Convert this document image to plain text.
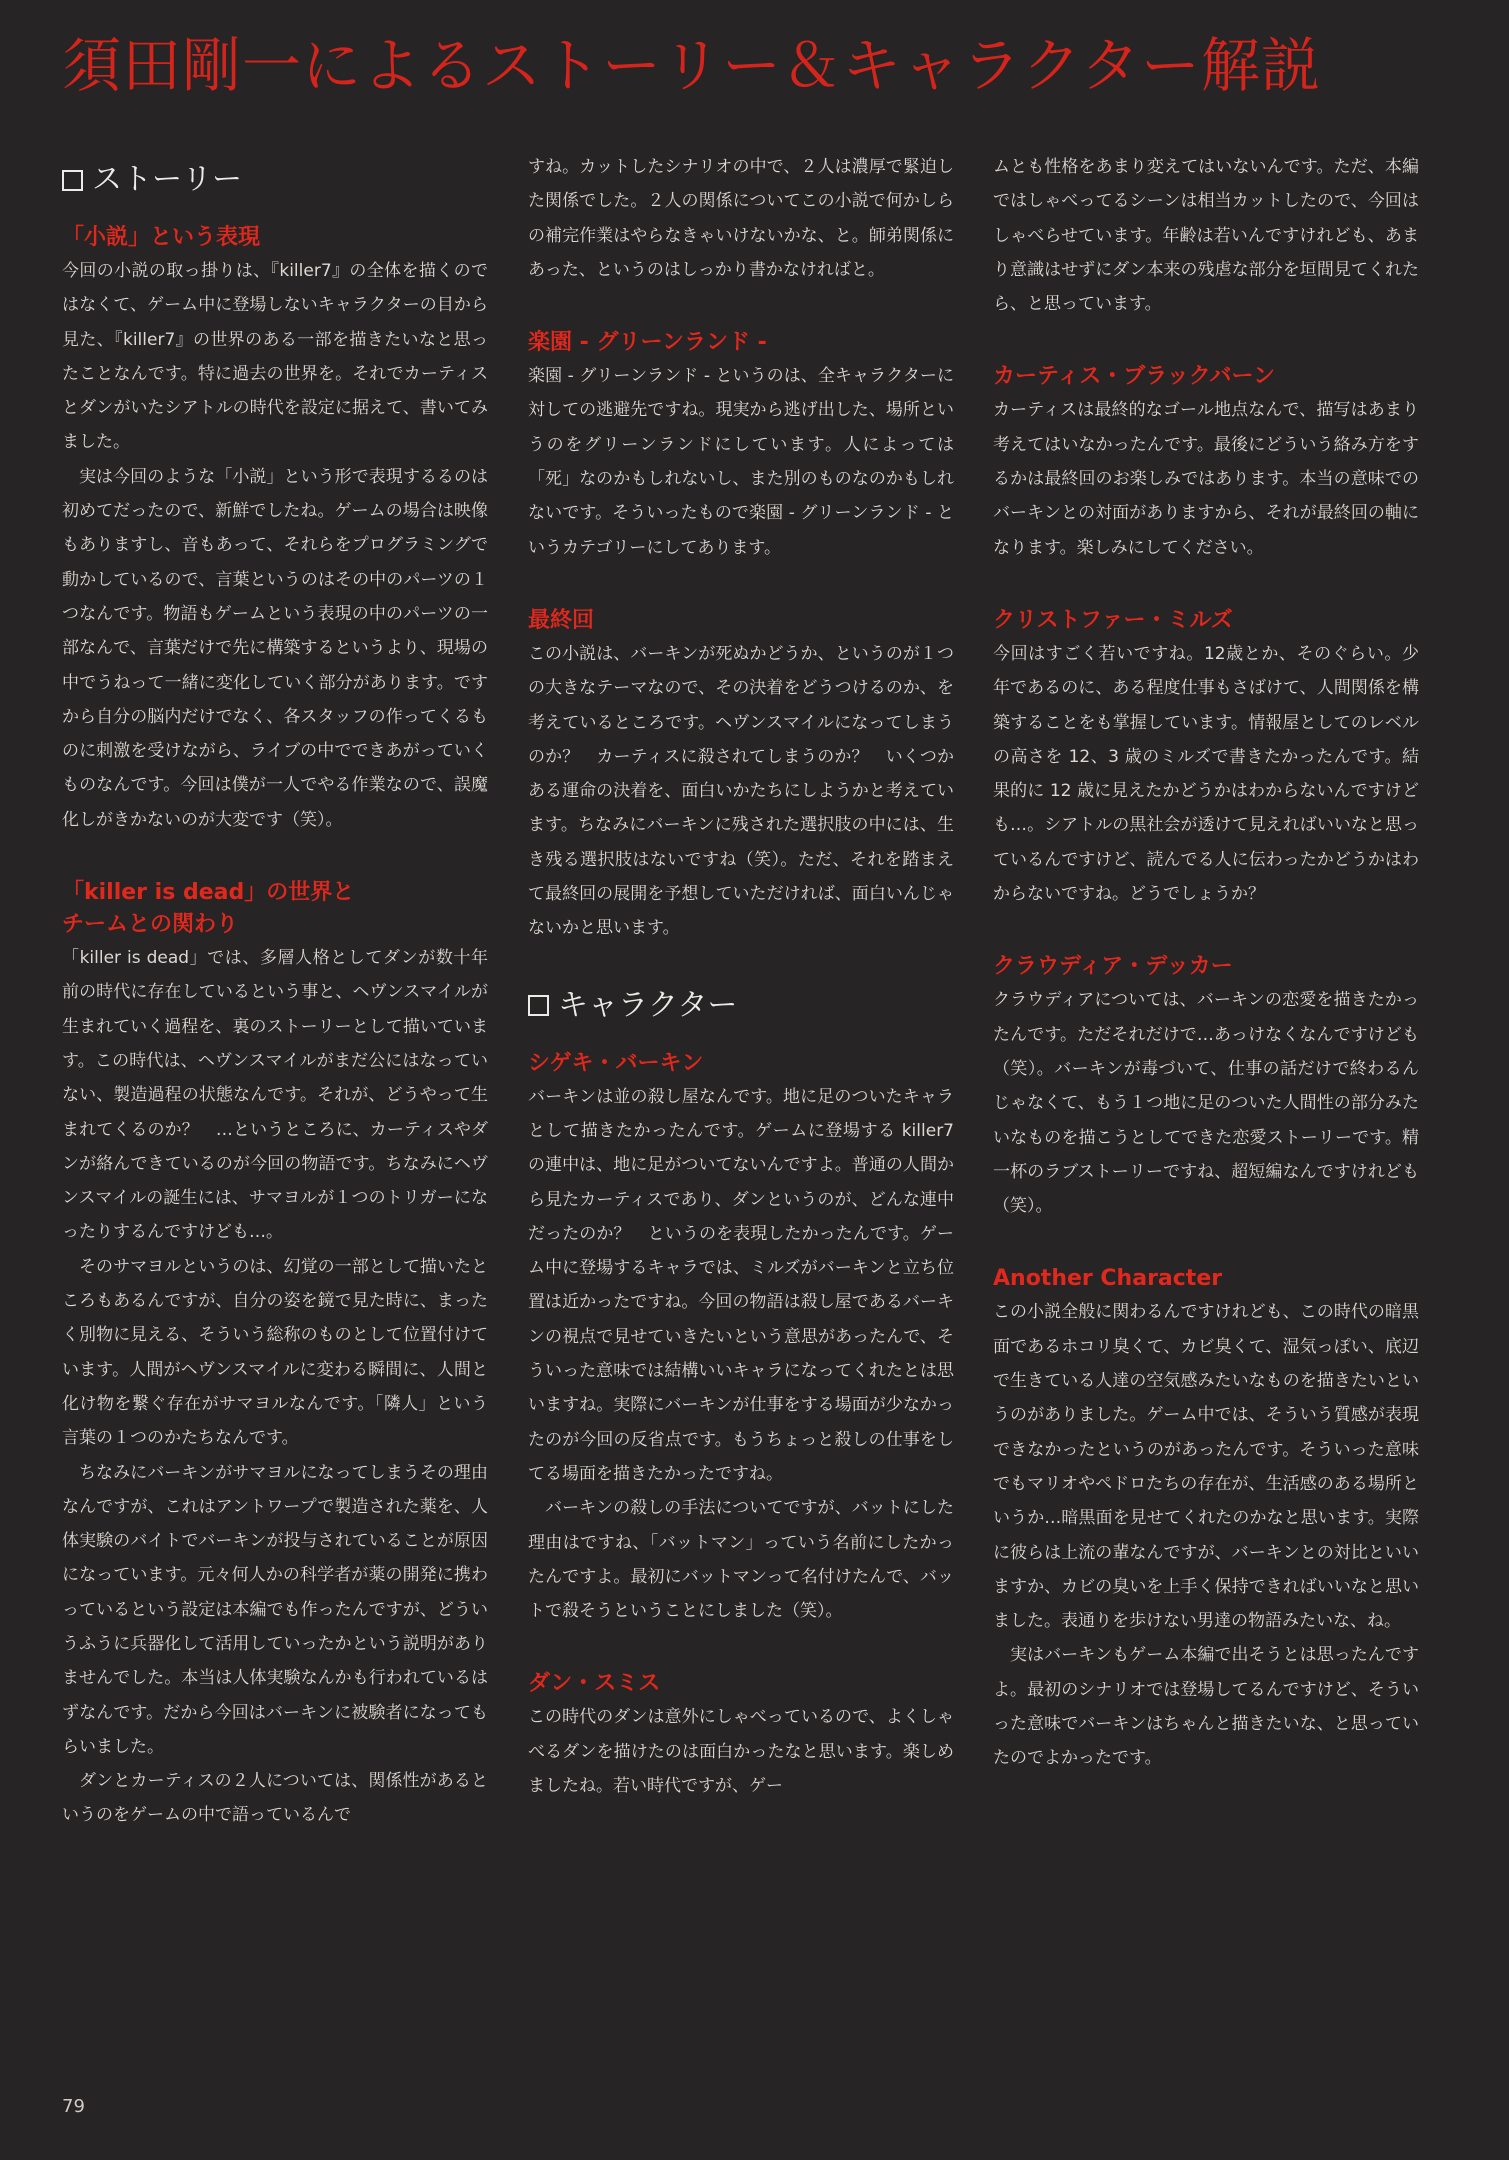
須田剛一によるストーリー＆キャラクター解説
ストーリー

「小説」という表現

今回の小説の取っ掛りは、『killer7』の全体を描くのではなくて、ゲーム中に登場しないキャラクターの目から見た、『killer7』の世界のある一部を描きたいなと思ったことなんです。特に過去の世界を。それでカーティスとダンがいたシアトルの時代を設定に据えて、書いてみました。

実は今回のような「小説」という形で表現するるのは初めてだったので、新鮮でしたね。ゲームの場合は映像もありますし、音もあって、それらをプログラミングで動かしているので、言葉というのはその中のパーツの１つなんです。物語もゲームという表現の中のパーツの一部なんで、言葉だけで先に構築するというより、現場の中でうねって一緒に変化していく部分があります。ですから自分の脳内だけでなく、各スタッフの作ってくるものに刺激を受けながら、ライブの中でできあがっていくものなんです。今回は僕が一人でやる作業なので、誤魔化しがきかないのが大変です（笑）。

「killer is dead」の世界と

チームとの関わり

「killer is dead」では、多層人格としてダンが数十年前の時代に存在しているという事と、ヘヴンスマイルが生まれていく過程を、裏のストーリーとして描いています。この時代は、ヘヴンスマイルがまだ公にはなっていない、製造過程の状態なんです。それが、どうやって生まれてくるのか？　…というところに、カーティスやダンが絡んできているのが今回の物語です。ちなみにヘヴンスマイルの誕生には、サマヨルが１つのトリガーになったりするんですけども…。

そのサマヨルというのは、幻覚の一部として描いたところもあるんですが、自分の姿を鏡で見た時に、まったく別物に見える、そういう総称のものとして位置付けています。人間がヘヴンスマイルに変わる瞬間に、人間と化け物を繋ぐ存在がサマヨルなんです。「隣人」という言葉の１つのかたちなんです。

ちなみにバーキンがサマヨルになってしまうその理由なんですが、これはアントワープで製造された薬を、人体実験のバイトでバーキンが投与されていることが原因になっています。元々何人かの科学者が薬の開発に携わっているという設定は本編でも作ったんですが、どういうふうに兵器化して活用していったかという説明がありませんでした。本当は人体実験なんかも行われているはずなんです。だから今回はバーキンに被験者になってもらいました。

ダンとカーティスの２人については、関係性があるというのをゲームの中で語っているんで

すね。カットしたシナリオの中で、２人は濃厚で緊迫した関係でした。２人の関係についてこの小説で何かしらの補完作業はやらなきゃいけないかな、と。師弟関係にあった、というのはしっかり書かなければと。

楽園 - グリーンランド -

楽園 - グリーンランド - というのは、全キャラクターに対しての逃避先ですね。現実から逃げ出した、場所というのをグリーンランドにしています。人によっては「死」なのかもしれないし、また別のものなのかもしれないです。そういったもので楽園 - グリーンランド - というカテゴリーにしてあります。

最終回

この小説は、バーキンが死ぬかどうか、というのが１つの大きなテーマなので、その決着をどうつけるのか、を考えているところです。ヘヴンスマイルになってしまうのか？　カーティスに殺されてしまうのか？　いくつかある運命の決着を、面白いかたちにしようかと考えています。ちなみにバーキンに残された選択肢の中には、生き残る選択肢はないですね（笑）。ただ、それを踏まえて最終回の展開を予想していただければ、面白いんじゃないかと思います。

キャラクター

シゲキ・バーキン

バーキンは並の殺し屋なんです。地に足のついたキャラとして描きたかったんです。ゲームに登場する killer7 の連中は、地に足がついてないんですよ。普通の人間から見たカーティスであり、ダンというのが、どんな連中だったのか？　というのを表現したかったんです。ゲーム中に登場するキャラでは、ミルズがバーキンと立ち位置は近かったですね。今回の物語は殺し屋であるバーキンの視点で見せていきたいという意思があったんで、そういった意味では結構いいキャラになってくれたとは思いますね。実際にバーキンが仕事をする場面が少なかったのが今回の反省点です。もうちょっと殺しの仕事をしてる場面を描きたかったですね。

バーキンの殺しの手法についてですが、バットにした理由はですね、「バットマン」っていう名前にしたかったんですよ。最初にバットマンって名付けたんで、バットで殺そうということにしました（笑）。

ダン・スミス

この時代のダンは意外にしゃべっているので、よくしゃべるダンを描けたのは面白かったなと思います。楽しめましたね。若い時代ですが、ゲー

ムとも性格をあまり変えてはいないんです。ただ、本編ではしゃべってるシーンは相当カットしたので、今回はしゃべらせています。年齢は若いんですけれども、あまり意識はせずにダン本来の残虐な部分を垣間見てくれたら、と思っています。

カーティス・ブラックバーン

カーティスは最終的なゴール地点なんで、描写はあまり考えてはいなかったんです。最後にどういう絡み方をするかは最終回のお楽しみではあります。本当の意味でのバーキンとの対面がありますから、それが最終回の軸になります。楽しみにしてください。

クリストファー・ミルズ

今回はすごく若いですね。12歳とか、そのぐらい。少年であるのに、ある程度仕事もさばけて、人間関係を構築することをも掌握しています。情報屋としてのレベルの高さを 12、3 歳のミルズで書きたかったんです。結果的に 12 歳に見えたかどうかはわからないんですけども…。シアトルの黒社会が透けて見えればいいなと思っているんですけど、読んでる人に伝わったかどうかはわからないですね。どうでしょうか？

クラウディア・デッカー

クラウディアについては、バーキンの恋愛を描きたかったんです。ただそれだけで…あっけなくなんですけども（笑）。バーキンが毒づいて、仕事の話だけで終わるんじゃなくて、もう１つ地に足のついた人間性の部分みたいなものを描こうとしてできた恋愛ストーリーです。精一杯のラブストーリーですね、超短編なんですけれども（笑）。

Another Character

この小説全般に関わるんですけれども、この時代の暗黒面であるホコリ臭くて、カビ臭くて、湿気っぽい、底辺で生きている人達の空気感みたいなものを描きたいというのがありました。ゲーム中では、そういう質感が表現できなかったというのがあったんです。そういった意味でもマリオやペドロたちの存在が、生活感のある場所というか…暗黒面を見せてくれたのかなと思います。実際に彼らは上流の輩なんですが、バーキンとの対比といいますか、カビの臭いを上手く保持できればいいなと思いました。表通りを歩けない男達の物語みたいな、ね。

実はバーキンもゲーム本編で出そうとは思ったんですよ。最初のシナリオでは登場してるんですけど、そういった意味でバーキンはちゃんと描きたいな、と思っていたのでよかったです。

79
